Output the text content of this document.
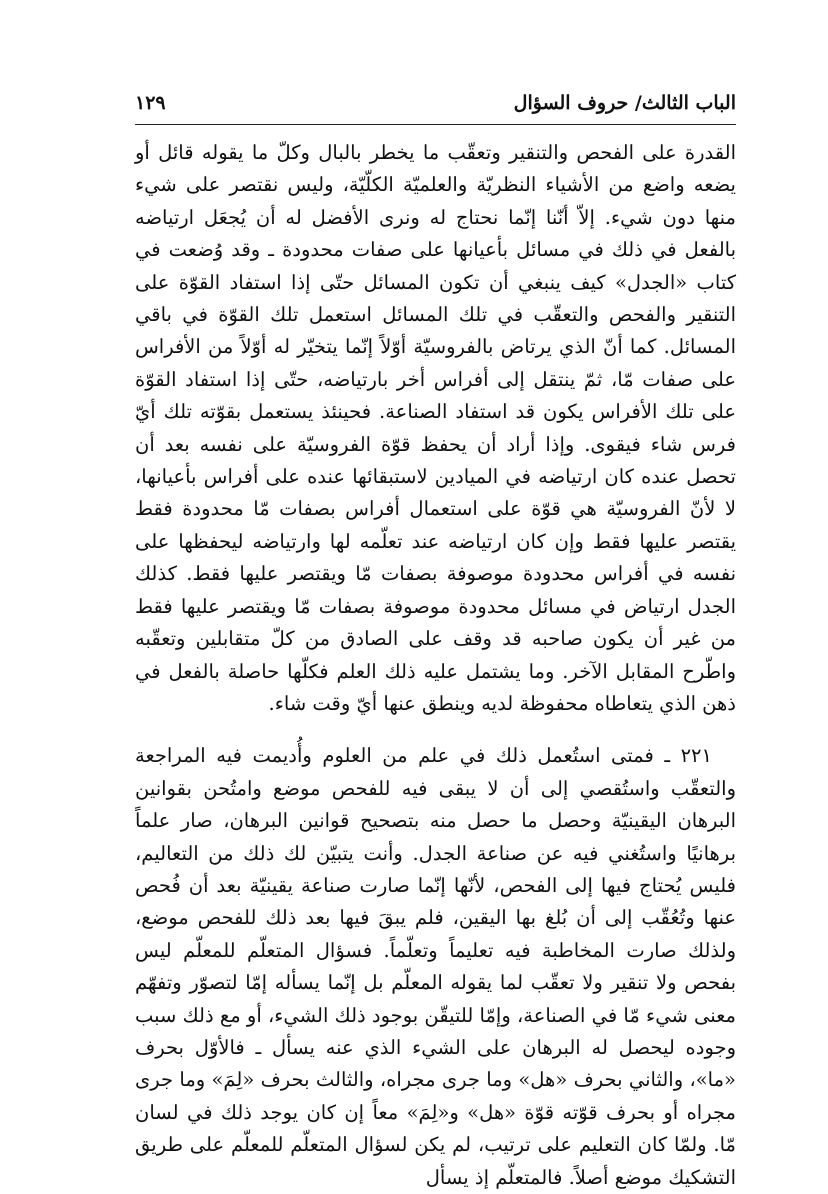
الباب الثالث/ حروف السؤال
١٢٩

القدرة على الفحص والتنقير وتعقّب ما يخطر بالبال وكلّ ما يقوله قائل أو يضعه واضع من الأشياء النظريّة والعلميّة الكلّيّة، وليس نقتصر على شيء منها دون شيء. إلاّ أنّنا إنّما نحتاج له ونرى الأفضل له أن يُجعَل ارتياضه بالفعل في ذلك في مسائل بأعيانها على صفات محدودة ـ وقد وُضعت في كتاب «الجدل» كيف ينبغي أن تكون المسائل حتّى إذا استفاد القوّة على التنقير والفحص والتعقّب في تلك المسائل استعمل تلك القوّة في باقي المسائل. كما أنّ الذي يرتاض بالفروسيّة أوّلاً إنّما يتخيّر له أوّلاً من الأفراس على صفات مّا، ثمّ ينتقل إلى أفراس أخر بارتياضه، حتّى إذا استفاد القوّة على تلك الأفراس يكون قد استفاد الصناعة. فحينئذ يستعمل بقوّته تلك أيّ فرس شاء فيقوى. وإذا أراد أن يحفظ قوّة الفروسيّة على نفسه بعد أن تحصل عنده كان ارتياضه في الميادين لاستبقائها عنده على أفراس بأعيانها، لا لأنّ الفروسيّة هي قوّة على استعمال أفراس بصفات مّا محدودة فقط يقتصر عليها فقط وإن كان ارتياضه عند تعلّمه لها وارتياضه ليحفظها على نفسه في أفراس محدودة موصوفة بصفات مّا ويقتصر عليها فقط. كذلك الجدل ارتياض في مسائل محدودة موصوفة بصفات مّا ويقتصر عليها فقط من غير أن يكون صاحبه قد وقف على الصادق من كلّ متقابلين وتعقّبه واطّرح المقابل الآخر. وما يشتمل عليه ذلك العلم فكلّها حاصلة بالفعل في ذهن الذي يتعاطاه محفوظة لديه وينطق عنها أيّ وقت شاء.

٢٢١ ـ فمتى استُعمل ذلك في علم من العلوم وأُديمت فيه المراجعة والتعقّب واستُقصي إلى أن لا يبقى فيه للفحص موضع وامتُحن بقوانين البرهان اليقينيّة وحصل ما حصل منه بتصحيح قوانين البرهان، صار علماً برهانيًا واستُغني فيه عن صناعة الجدل. وأنت يتبيّن لك ذلك من التعاليم، فليس يُحتاج فيها إلى الفحص، لأنّها إنّما صارت صناعة يقينيّة بعد أن فُحص عنها وتُعُقّب إلى أن بُلغ بها اليقين، فلم يبقَ فيها بعد ذلك للفحص موضع، ولذلك صارت المخاطبة فيه تعليماً وتعلّماً. فسؤال المتعلّم للمعلّم ليس بفحص ولا تنقير ولا تعقّب لما يقوله المعلّم بل إنّما يسأله إمّا لتصوّر وتفهّم معنى شيء مّا في الصناعة، وإمّا للتيقّن بوجود ذلك الشيء، أو مع ذلك سبب وجوده ليحصل له البرهان على الشيء الذي عنه يسأل ـ فالأوّل بحرف «ما»، والثاني بحرف «هل» وما جرى مجراه، والثالث بحرف «لِمَ» وما جرى مجراه أو بحرف قوّته قوّة «هل» و«لِمَ» معاً إن كان يوجد ذلك في لسان مّا. ولمّا كان التعليم على ترتيب، لم يكن لسؤال المتعلّم للمعلّم على طريق التشكيك موضع أصلاً. فالمتعلّم إذ يسأل
